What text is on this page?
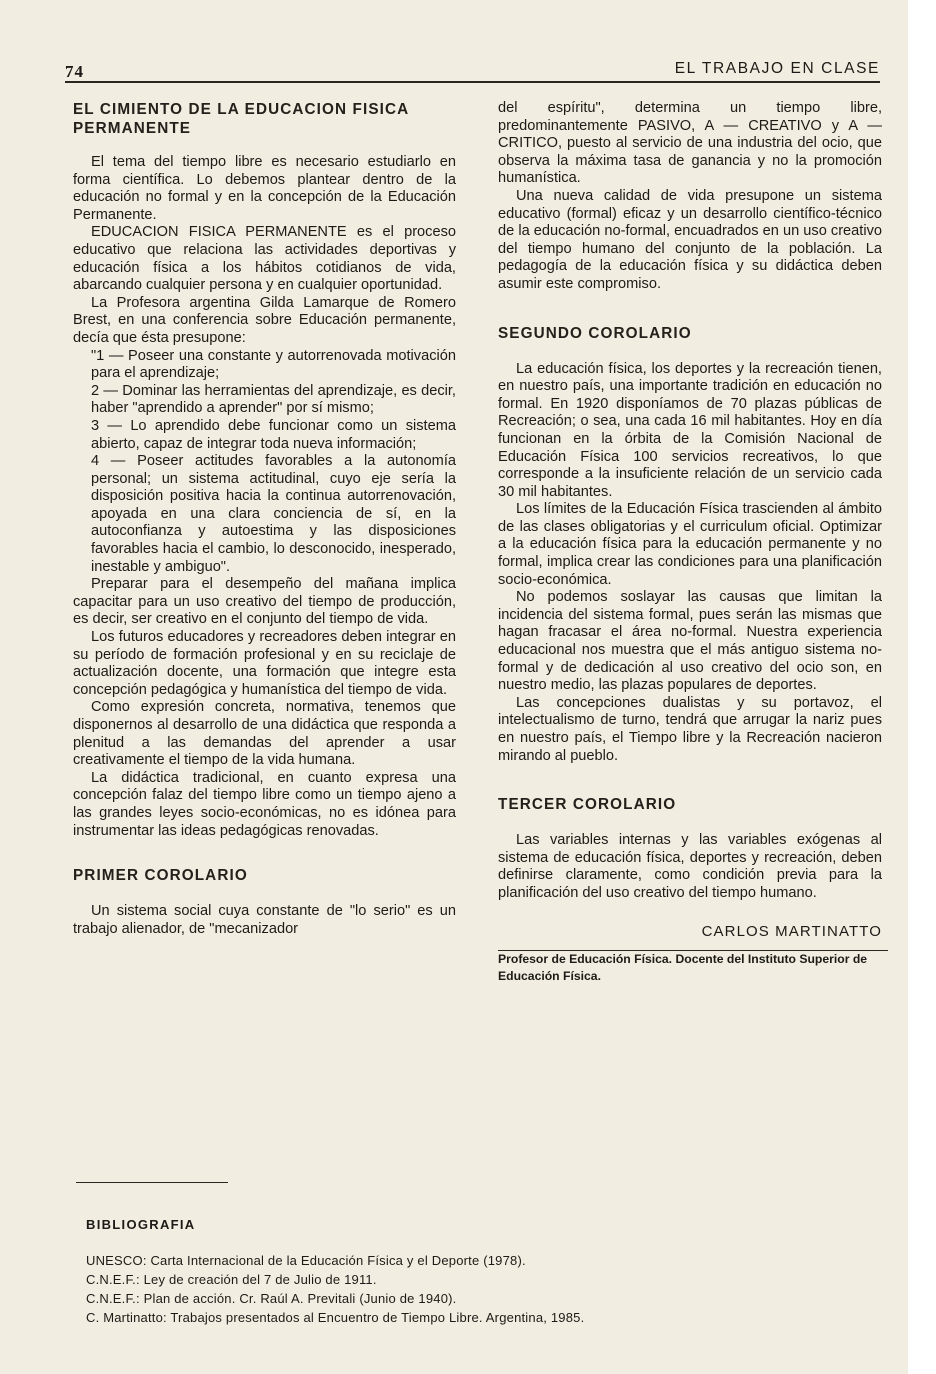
74	EL TRABAJO EN CLASE
EL CIMIENTO DE LA EDUCACION FISICA PERMANENTE

El tema del tiempo libre es necesario estudiarlo en forma científica. Lo debemos plantear dentro de la educación no formal y en la concepción de la Educación Permanente.

EDUCACION FISICA PERMANENTE es el proceso educativo que relaciona las actividades deportivas y educación física a los hábitos cotidianos de vida, abarcando cualquier persona y en cualquier oportunidad.

La Profesora argentina Gilda Lamarque de Romero Brest, en una conferencia sobre Educación permanente, decía que ésta presupone:

"1 — Poseer una constante y autorrenovada motivación para el aprendizaje;

2 — Dominar las herramientas del aprendizaje, es decir, haber "aprendido a aprender" por sí mismo;

3 — Lo aprendido debe funcionar como un sistema abierto, capaz de integrar toda nueva información;

4 — Poseer actitudes favorables a la autonomía personal; un sistema actitudinal, cuyo eje sería la disposición positiva hacia la continua autorrenovación, apoyada en una clara conciencia de sí, en la autoconfianza y autoestima y las disposiciones favorables hacia el cambio, lo desconocido, inesperado, inestable y ambiguo".

Preparar para el desempeño del mañana implica capacitar para un uso creativo del tiempo de producción, es decir, ser creativo en el conjunto del tiempo de vida.

Los futuros educadores y recreadores deben integrar en su período de formación profesional y en su reciclaje de actualización docente, una formación que integre esta concepción pedagógica y humanística del tiempo de vida.

Como expresión concreta, normativa, tenemos que disponernos al desarrollo de una didáctica que responda a plenitud a las demandas del aprender a usar creativamente el tiempo de la vida humana.

La didáctica tradicional, en cuanto expresa una concepción falaz del tiempo libre como un tiempo ajeno a las grandes leyes socio-económicas, no es idónea para instrumentar las ideas pedagógicas renovadas.

PRIMER COROLARIO

Un sistema social cuya constante de "lo serio" es un trabajo alienador, de "mecanizador

del espíritu", determina un tiempo libre, predominantemente PASIVO, A — CREATIVO y A — CRITICO, puesto al servicio de una industria del ocio, que observa la máxima tasa de ganancia y no la promoción humanística.

Una nueva calidad de vida presupone un sistema educativo (formal) eficaz y un desarrollo científico-técnico de la educación no-formal, encuadrados en un uso creativo del tiempo humano del conjunto de la población. La pedagogía de la educación física y su didáctica deben asumir este compromiso.

SEGUNDO COROLARIO

La educación física, los deportes y la recreación tienen, en nuestro país, una importante tradición en educación no formal. En 1920 disponíamos de 70 plazas públicas de Recreación; o sea, una cada 16 mil habitantes. Hoy en día funcionan en la órbita de la Comisión Nacional de Educación Física 100 servicios recreativos, lo que corresponde a la insuficiente relación de un servicio cada 30 mil habitantes.

Los límites de la Educación Física trascienden al ámbito de las clases obligatorias y el curriculum oficial. Optimizar a la educación física para la educación permanente y no formal, implica crear las condiciones para una planificación socio-económica.

No podemos soslayar las causas que limitan la incidencia del sistema formal, pues serán las mismas que hagan fracasar el área no-formal. Nuestra experiencia educacional nos muestra que el más antiguo sistema no-formal y de dedicación al uso creativo del ocio son, en nuestro medio, las plazas populares de deportes.

Las concepciones dualistas y su portavoz, el intelectualismo de turno, tendrá que arrugar la nariz pues en nuestro país, el Tiempo libre y la Recreación nacieron mirando al pueblo.

TERCER COROLARIO

Las variables internas y las variables exógenas al sistema de educación física, deportes y recreación, deben definirse claramente, como condición previa para la planificación del uso creativo del tiempo humano.

CARLOS MARTINATTO

Profesor de Educación Física. Docente del Instituto Superior de Educación Física.

BIBLIOGRAFIA
UNESCO: Carta Internacional de la Educación Física y el Deporte (1978).
C.N.E.F.: Ley de creación del 7 de Julio de 1911.
C.N.E.F.: Plan de acción. Cr. Raúl A. Previtali (Junio de 1940).
C. Martinatto: Trabajos presentados al Encuentro de Tiempo Libre. Argentina, 1985.
